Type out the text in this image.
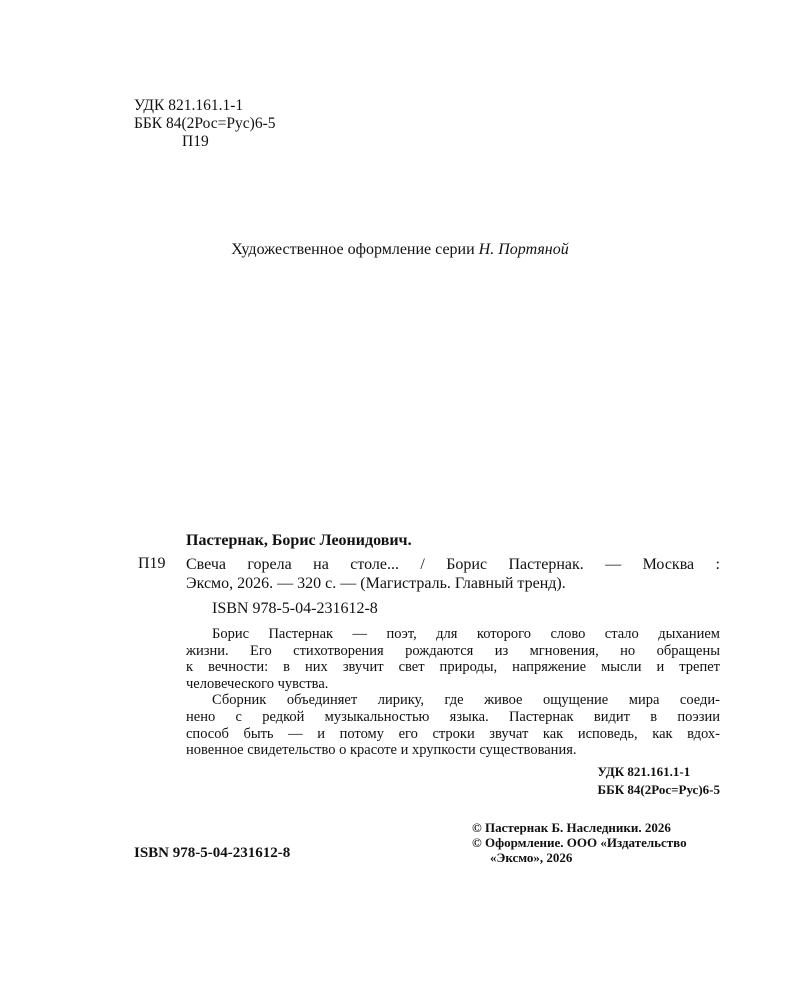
УДК 821.161.1-1
ББК 84(2Рос=Рус)6-5
П19
Художественное оформление серии Н. Портяной
Пастернак, Борис Леонидович.
П19 Свеча горела на столе... / Борис Пастернак. — Москва :
Эксмо, 2026. — 320 с. — (Магистраль. Главный тренд).
ISBN 978-5-04-231612-8
Борис Пастернак — поэт, для которого слово стало дыханием
жизни. Его стихотворения рождаются из мгновения, но обращены
к вечности: в них звучит свет природы, напряжение мысли и трепет
человеческого чувства.
Сборник объединяет лирику, где живое ощущение мира соеди-
нено с редкой музыкальностью языка. Пастернак видит в поэзии
способ быть — и потому его строки звучат как исповедь, как вдох-
новенное свидетельство о красоте и хрупкости существования.
УДК 821.161.1-1
ББК 84(2Рос=Рус)6-5
© Пастернак Б. Наследники. 2026
© Оформление. ООО «Издательство
«Эксмо», 2026
ISBN 978-5-04-231612-8
